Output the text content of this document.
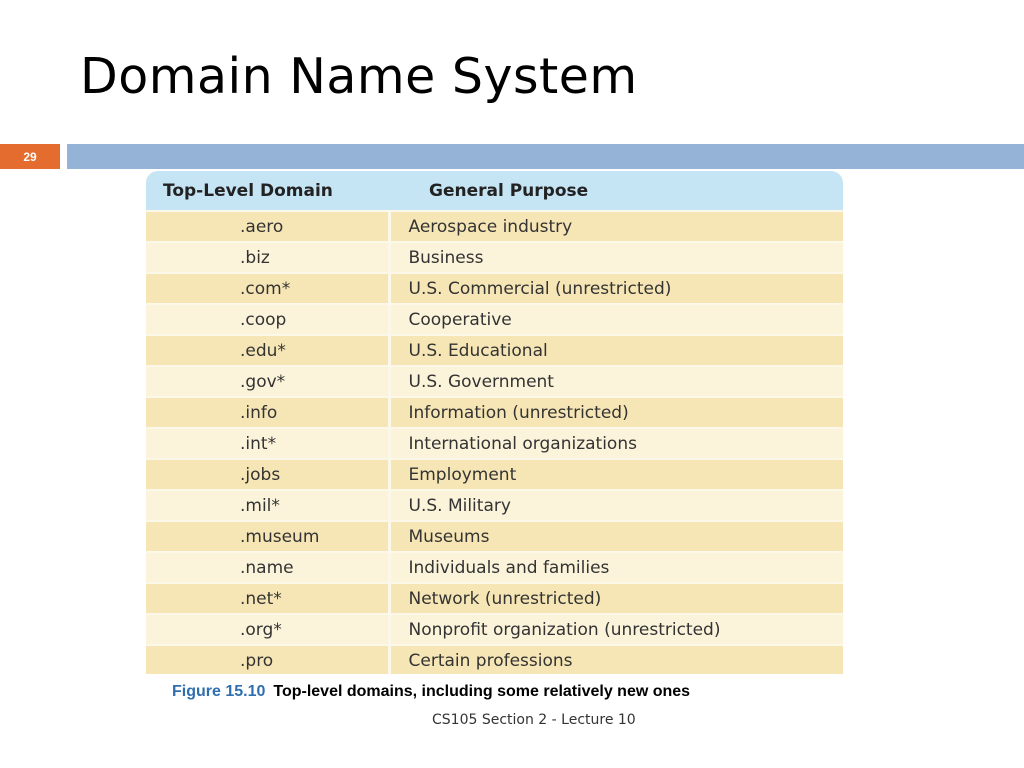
Domain Name System
29
Top-Level Domain	General Purpose
.aero	Aerospace industry
.biz	Business
.com*	U.S. Commercial (unrestricted)
.coop	Cooperative
.edu*	U.S. Educational
.gov*	U.S. Government
.info	Information (unrestricted)
.int*	International organizations
.jobs	Employment
.mil*	U.S. Military
.museum	Museums
.name	Individuals and families
.net*	Network (unrestricted)
.org*	Nonprofit organization (unrestricted)
.pro	Certain professions
Figure 15.10 Top-level domains, including some relatively new ones
CS105 Section 2 - Lecture 10
